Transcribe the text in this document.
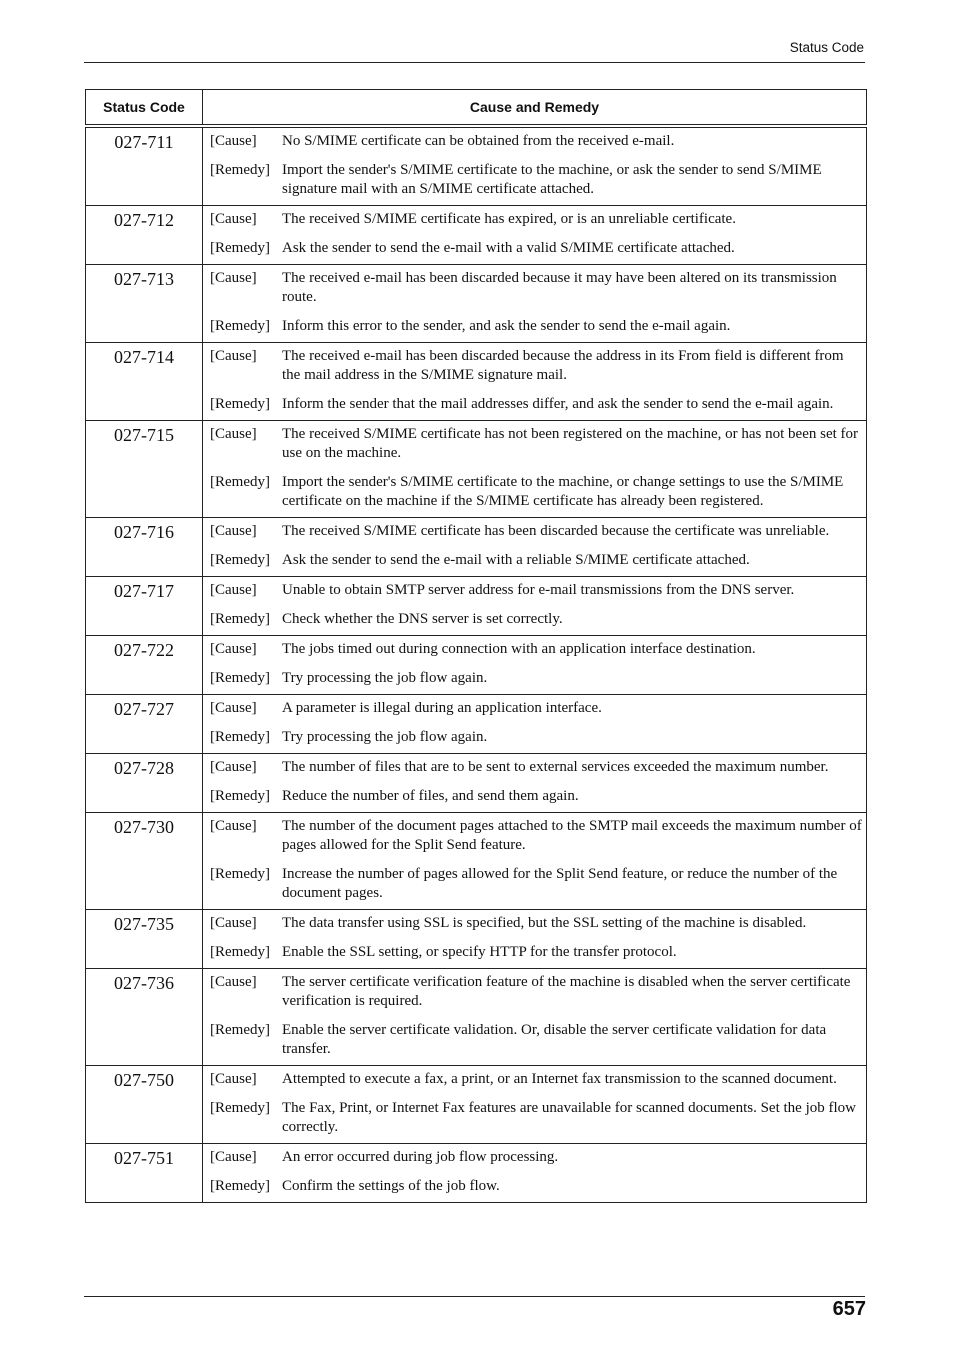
Status Code
Status Code	Cause and Remedy
027-711	[Cause] No S/MIME certificate can be obtained from the received e-mail.
[Remedy] Import the sender's S/MIME certificate to the machine, or ask the sender to send S/MIME signature mail with an S/MIME certificate attached.

027-712	[Cause] The received S/MIME certificate has expired, or is an unreliable certificate.
[Remedy] Ask the sender to send the e-mail with a valid S/MIME certificate attached.

027-713	[Cause] The received e-mail has been discarded because it may have been altered on its transmission route.
[Remedy] Inform this error to the sender, and ask the sender to send the e-mail again.

027-714	[Cause] The received e-mail has been discarded because the address in its From field is different from the mail address in the S/MIME signature mail.
[Remedy] Inform the sender that the mail addresses differ, and ask the sender to send the e-mail again.

027-715	[Cause] The received S/MIME certificate has not been registered on the machine, or has not been set for use on the machine.
[Remedy] Import the sender's S/MIME certificate to the machine, or change settings to use the S/MIME certificate on the machine if the S/MIME certificate has already been registered.

027-716	[Cause] The received S/MIME certificate has been discarded because the certificate was unreliable.
[Remedy] Ask the sender to send the e-mail with a reliable S/MIME certificate attached.

027-717	[Cause] Unable to obtain SMTP server address for e-mail transmissions from the DNS server.
[Remedy] Check whether the DNS server is set correctly.

027-722	[Cause] The jobs timed out during connection with an application interface destination.
[Remedy] Try processing the job flow again.

027-727	[Cause] A parameter is illegal during an application interface.
[Remedy] Try processing the job flow again.

027-728	[Cause] The number of files that are to be sent to external services exceeded the maximum number.
[Remedy] Reduce the number of files, and send them again.

027-730	[Cause] The number of the document pages attached to the SMTP mail exceeds the maximum number of pages allowed for the Split Send feature.
[Remedy] Increase the number of pages allowed for the Split Send feature, or reduce the number of the document pages.

027-735	[Cause] The data transfer using SSL is specified, but the SSL setting of the machine is disabled.
[Remedy] Enable the SSL setting, or specify HTTP for the transfer protocol.

027-736	[Cause] The server certificate verification feature of the machine is disabled when the server certificate verification is required.
[Remedy] Enable the server certificate validation. Or, disable the server certificate validation for data transfer.

027-750	[Cause] Attempted to execute a fax, a print, or an Internet fax transmission to the scanned document.
[Remedy] The Fax, Print, or Internet Fax features are unavailable for scanned documents. Set the job flow correctly.

027-751	[Cause] An error occurred during job flow processing.
[Remedy] Confirm the settings of the job flow.
657
